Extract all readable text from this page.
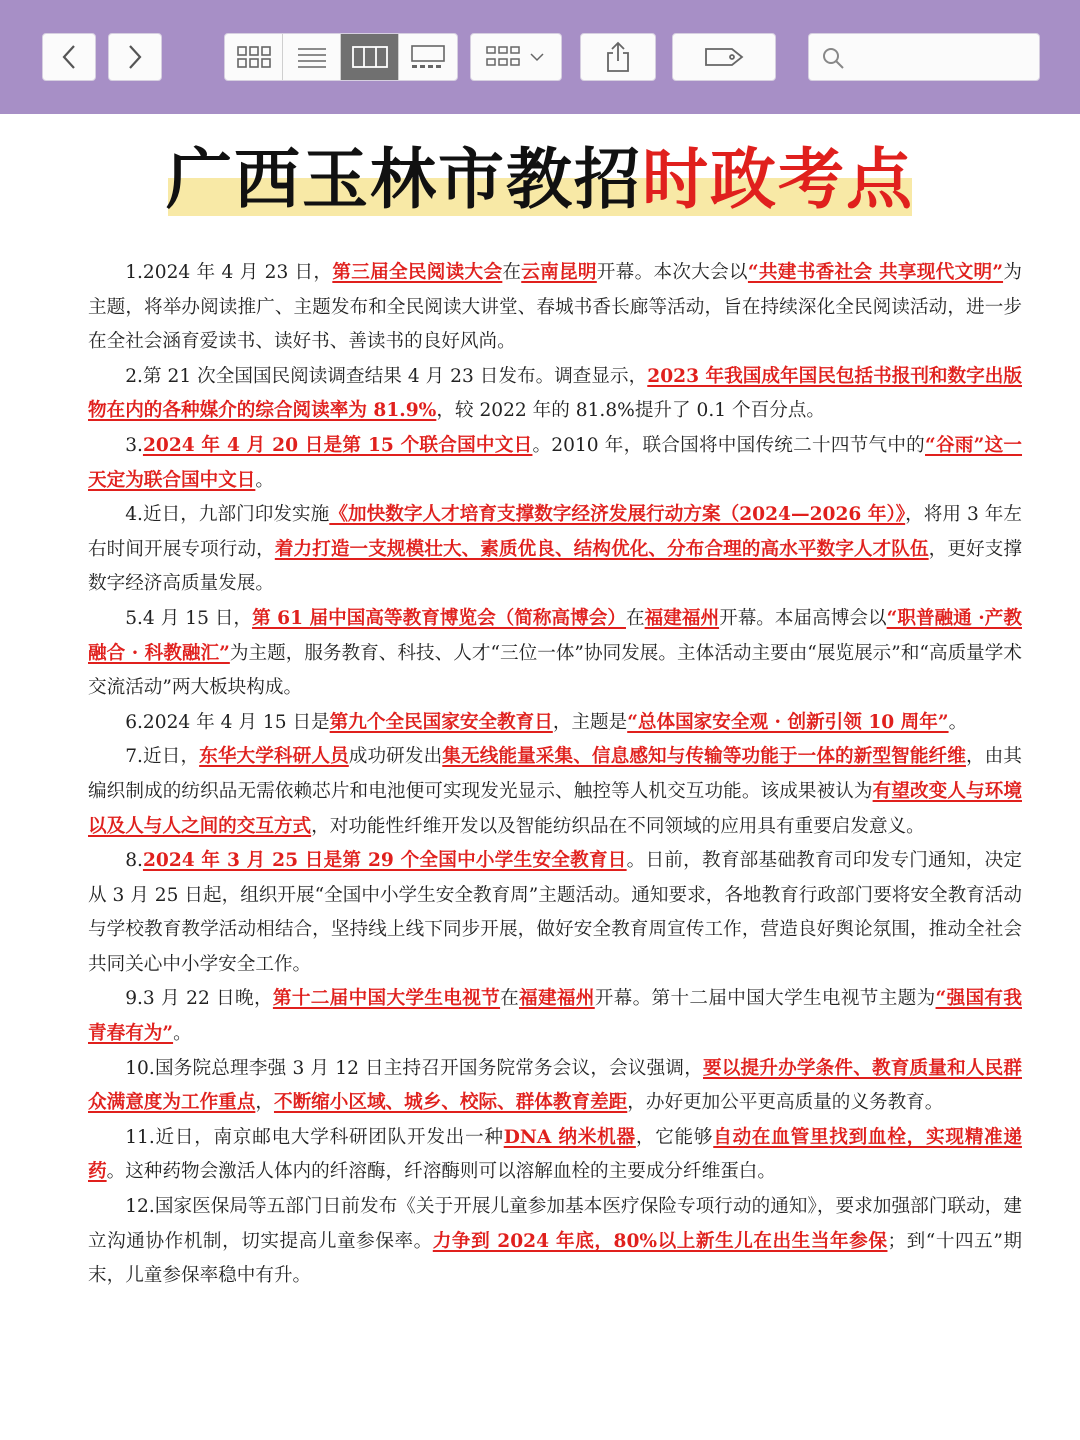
广西玉林市教招时政考点

1.2024 年 4 月 23 日，第三届全民阅读大会在云南昆明开幕。本次大会以“共建书香社会 共享现代文明”为主题，将举办阅读推广、主题发布和全民阅读大讲堂、春城书香长廊等活动，旨在持续深化全民阅读活动，进一步在全社会涵育爱读书、读好书、善读书的良好风尚。

2.第 21 次全国国民阅读调查结果 4 月 23 日发布。调查显示，2023 年我国成年国民包括书报刊和数字出版物在内的各种媒介的综合阅读率为 81.9%，较 2022 年的 81.8%提升了 0.1 个百分点。

3.2024 年 4 月 20 日是第 15 个联合国中文日。2010 年，联合国将中国传统二十四节气中的“谷雨”这一天定为联合国中文日。

4.近日，九部门印发实施《加快数字人才培育支撑数字经济发展行动方案（2024—2026 年）》，将用 3 年左右时间开展专项行动，着力打造一支规模壮大、素质优良、结构优化、分布合理的高水平数字人才队伍，更好支撑数字经济高质量发展。

5.4 月 15 日，第 61 届中国高等教育博览会（简称高博会）在福建福州开幕。本届高博会以“职普融通 ·产教融合 · 科教融汇”为主题，服务教育、科技、人才“三位一体”协同发展。主体活动主要由“展览展示”和“高质量学术交流活动”两大板块构成。

6.2024 年 4 月 15 日是第九个全民国家安全教育日，主题是“总体国家安全观 · 创新引领 10 周年”。

7.近日，东华大学科研人员成功研发出集无线能量采集、信息感知与传输等功能于一体的新型智能纤维，由其编织制成的纺织品无需依赖芯片和电池便可实现发光显示、触控等人机交互功能。该成果被认为有望改变人与环境以及人与人之间的交互方式，对功能性纤维开发以及智能纺织品在不同领域的应用具有重要启发意义。

8.2024 年 3 月 25 日是第 29 个全国中小学生安全教育日。日前，教育部基础教育司印发专门通知，决定从 3 月 25 日起，组织开展“全国中小学生安全教育周”主题活动。通知要求，各地教育行政部门要将安全教育活动与学校教育教学活动相结合，坚持线上线下同步开展，做好安全教育周宣传工作，营造良好舆论氛围，推动全社会共同关心中小学安全工作。

9.3 月 22 日晚，第十二届中国大学生电视节在福建福州开幕。第十二届中国大学生电视节主题为“强国有我 青春有为”。

10.国务院总理李强 3 月 12 日主持召开国务院常务会议，会议强调，要以提升办学条件、教育质量和人民群众满意度为工作重点，不断缩小区域、城乡、校际、群体教育差距，办好更加公平更高质量的义务教育。

11.近日，南京邮电大学科研团队开发出一种DNA 纳米机器，它能够自动在血管里找到血栓，实现精准递药。这种药物会激活人体内的纤溶酶，纤溶酶则可以溶解血栓的主要成分纤维蛋白。

12.国家医保局等五部门日前发布《关于开展儿童参加基本医疗保险专项行动的通知》，要求加强部门联动，建立沟通协作机制，切实提高儿童参保率。力争到 2024 年底，80%以上新生儿在出生当年参保；到“十四五”期末，儿童参保率稳中有升。
